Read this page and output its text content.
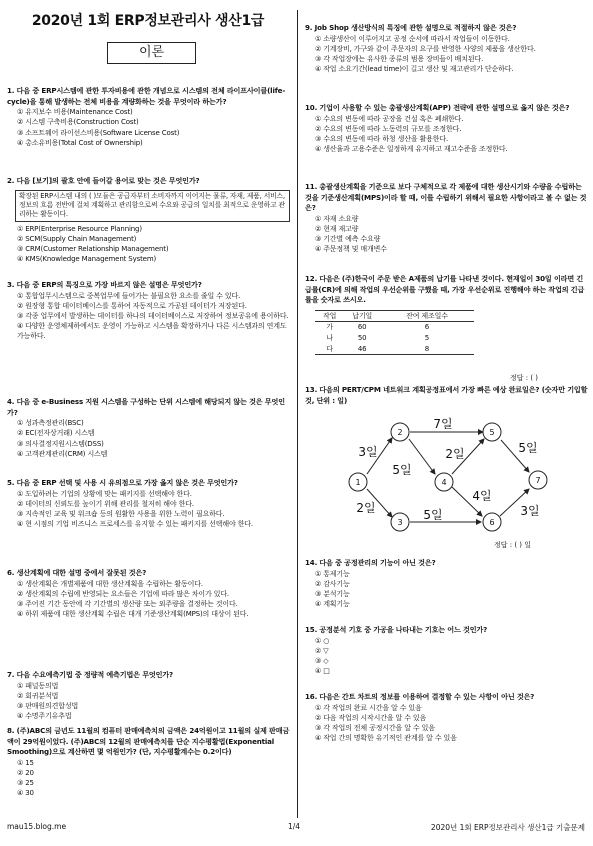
2020년 1회 ERP정보관리사 생산1급
이론
1. 다음 중 ERP시스템에 관한 투자비용에 관한 개념으로 시스템의 전체 라이프사이클(life-cycle)을 통해 발생하는 전체 비용을 계량화하는 것을 무엇이라 하는가?
① 유지보수 비용(Maintenance Cost)
② 시스템 구축비용(Construction Cost)
③ 소프트웨어 라이선스비용(Software License Cost)
④ 총소유비용(Total Cost of Ownership)
2. 다음 [보기]의 괄호 안에 들어갈 용어로 맞는 것은 무엇인가?
확장된 ERP시스템 내의 ( )모듈은 공급자부터 소비자까지 이어지는 물류, 자재, 제품, 서비스, 정보의 흐름 전반에 걸쳐 계획하고 관리함으로써 수요와 공급의 일치를 최적으로 운영하고 관리하는 활동이다.
① ERP(Enterprise Resource Planning)
② SCM(Supply Chain Management)
③ CRM(Customer Relationship Management)
④ KMS(Knowledge Management System)
3. 다음 중 ERP의 특징으로 가장 바르지 않은 설명은 무엇인가?
① 통합업무시스템으로 중복업무에 들어가는 불필요한 요소를 줄일 수 있다.
② 원장형 통합 데이터베이스를 통하여 자동적으로 가공된 데이터가 저장된다.
③ 각종 업무에서 발생하는 데이터를 하나의 데이터베이스로 저장하여 정보공유에 용이하다.
④ 다양한 운영체제하에서도 운영이 가능하고 시스템을 확장하거나 다른 시스템과의 연계도 가능하다.
4. 다음 중 e-Business 지원 시스템을 구성하는 단위 시스템에 해당되지 않는 것은 무엇인가?
① 성과측정관리(BSC)
② EC(전자상거래) 시스템
③ 의사결정지원시스템(DSS)
④ 고객관계관리(CRM) 시스템
5. 다음 중 ERP 선택 및 사용 시 유의점으로 가장 옳지 않은 것은 무엇인가?
① 도입하려는 기업의 상황에 맞는 패키지를 선택해야 한다.
② 데이터의 신뢰도를 높이기 위해 관리를 철저히 해야 한다.
③ 지속적인 교육 및 워크숍 등의 원활한 사용을 위한 노력이 필요하다.
④ 현 시점의 기업 비즈니스 프로세스를 유지할 수 있는 패키지를 선택해야 한다.
6. 생산계획에 대한 설명 중에서 잘못된 것은?
① 생산계획은 개별제품에 대한 생산계획을 수립하는 활동이다.
② 생산계획의 수립에 반영되는 요소들은 기업에 따라 많은 차이가 있다.
③ 주어진 기간 동안에 각 기간별의 생산량 또는 외주량을 결정하는 것이다.
④ 하위 제품에 대한 생산계획 수립은 대개 기준생산계획(MPS)의 대상이 된다.
7. 다음 수요예측기법 중 정량적 예측기법은 무엇인가?
① 패널동의법
② 회귀분석법
③ 판매원의견합성법
④ 수명주기유추법
8. (주)ABC의 금년도 11월의 컴퓨터 판매예측치의 금액은 24억원이고 11월의 실제 판매금액이 29억원이었다. (주)ABC의 12월의 판매예측치를 단순 지수평활법(Exponential Smoothing)으로 계산하면 몇 억원인가? (단, 지수평활계수는 0.2이다)
① 15
② 20
③ 25
④ 30
9. Job Shop 생산방식의 특징에 관한 설명으로 적절하지 않은 것은?
① 소량생산이 이루어지고 공정 순서에 따라서 작업들이 이동한다.
② 기계장비, 가구와 같이 주문자의 요구를 반영한 사양의 제품을 생산한다.
③ 각 작업장에는 유사한 종류의 범용 장비들이 배치된다.
④ 작업 소요기간(lead time)이 길고 생산 및 재고관리가 단순하다.
10. 기업이 사용할 수 있는 총괄생산계획(APP) 전략에 관한 설명으로 옳지 않은 것은?
① 수요의 변동에 따라 공장을 건설 혹은 폐쇄한다.
② 수요의 변동에 따라 노동력의 규모를 조정한다.
③ 수요의 변동에 따라 하청 생산을 활용한다.
④ 생산율과 고용수준은 일정하게 유지하고 재고수준을 조정한다.
11. 총괄생산계획을 기준으로 보다 구체적으로 각 제품에 대한 생산시기와 수량을 수립하는 것을 기준생산계획(MPS)이라 할 때, 이를 수립하기 위해서 필요한 사항이라고 볼 수 없는 것은?
① 자재 소요량
② 현재 재고량
③ 기간별 예측 수요량
④ 주문정책 및 매개변수
12. 다음은 (주)한국이 주문 받은 A제품의 납기를 나타낸 것이다. 현재일이 30일 이라면 긴급률(CR)에 의해 작업의 우선순위를 구했을 때, 가장 우선순위로 진행해야 하는 작업의 긴급률을 숫자로 쓰시오.
작업	납기일	잔여 제조일수
가	60	6
나	50	5
다	46	8
정답 : ( )
13. 다음의 PERT/CPM 네트워크 계획공정표에서 가장 빠른 예상 완료일은? (숫자만 기입할 것, 단위 : 일)
1
2
3
4
5
6
7
3일
2일
7일
5일
2일
5일
5일
4일
3일
정답 : ( ) 일
14. 다음 중 공정관리의 기능이 아닌 것은?
① 통제기능
② 감사기능
③ 분석기능
④ 계획기능
15. 공정분석 기호 중 가공을 나타내는 기호는 어느 것인가?
① ○
② ▽
③ ◇
④ □
16. 다음은 간트 차트의 정보를 이용하여 결정할 수 있는 사항이 아닌 것은?
① 각 작업의 완료 시간을 알 수 있음
② 다음 작업의 시작시간을 알 수 있음
③ 각 작업의 전체 공정시간을 알 수 있음
④ 작업 간의 명확한 유기적인 관계를 알 수 있음
mau15.blog.me	1/4	2020년 1회 ERP정보관리사 생산1급 기출문제
